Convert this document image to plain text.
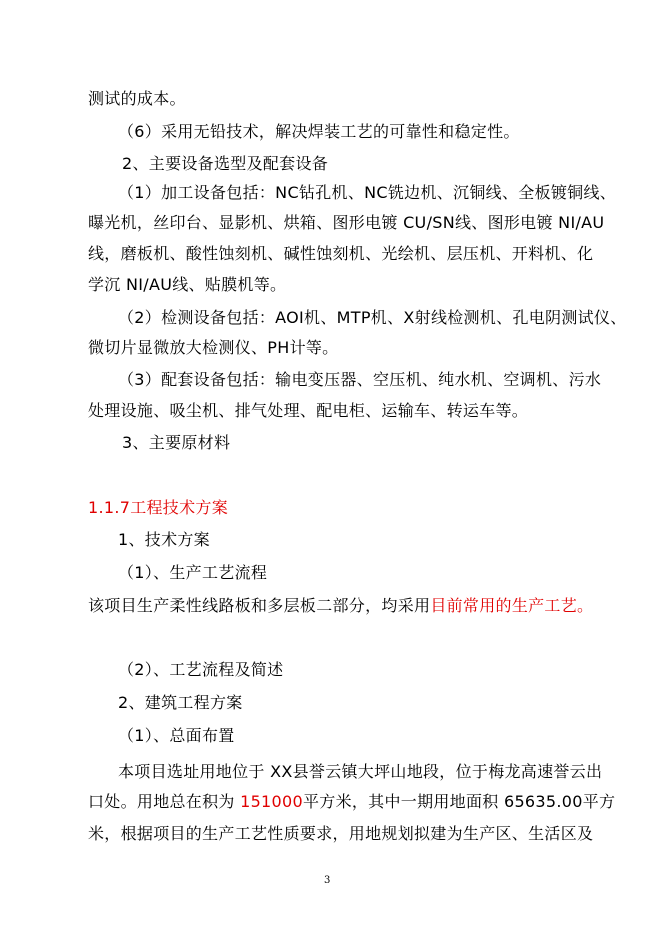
测试的成本。
（6）采用无铅技术，解决焊装工艺的可靠性和稳定性。
2、主要设备选型及配套设备
（1）加工设备包括：NC钻孔机、NC铣边机、沉铜线、全板镀铜线、
曝光机，丝印台、显影机、烘箱、图形电镀 CU/SN线、图形电镀 NI/AU
线，磨板机、酸性蚀刻机、碱性蚀刻机、光绘机、层压机、开料机、化
学沉 NI/AU线、贴膜机等。
（2）检测设备包括：AOI机、MTP机、X射线检测机、孔电阴测试仪、
微切片显微放大检测仪、PH计等。
（3）配套设备包括：输电变压器、空压机、纯水机、空调机、污水
处理设施、吸尘机、排气处理、配电柜、运输车、转运车等。
3、主要原材料
1.1.7工程技术方案
1、技术方案
（1）、生产工艺流程
该项目生产柔性线路板和多层板二部分，均采用目前常用的生产工艺。
（2）、工艺流程及简述
2、建筑工程方案
（1）、总面布置
本项目选址用地位于 XX县誉云镇大坪山地段，位于梅龙高速誉云出
口处。用地总在积为 151000平方米，其中一期用地面积 65635.00平方
米，根据项目的生产工艺性质要求，用地规划拟建为生产区、生活区及
3
